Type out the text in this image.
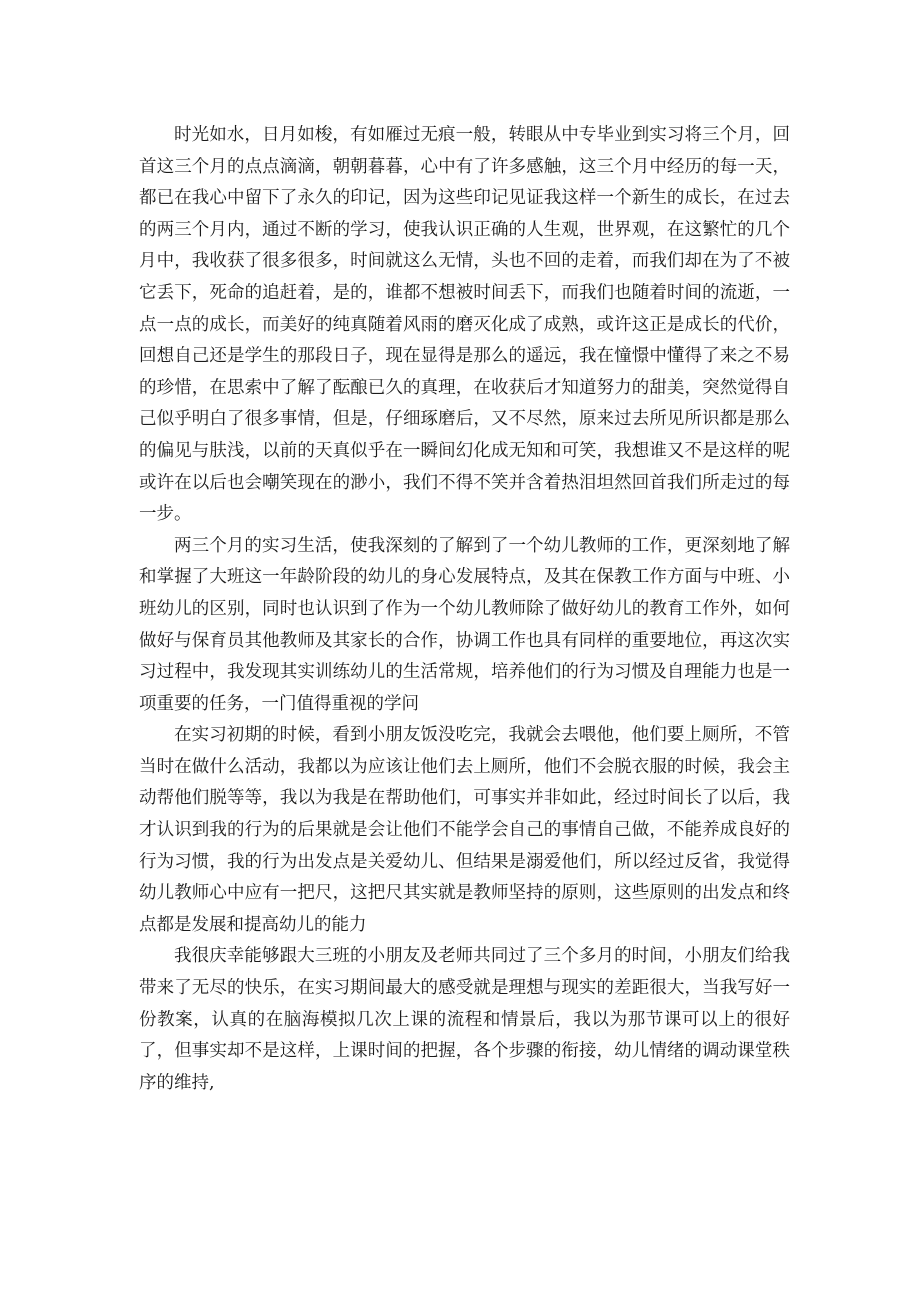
时光如水，日月如梭，有如雁过无痕一般，转眼从中专毕业到实习将三个月，回首这三个月的点点滴滴，朝朝暮暮，心中有了许多感触，这三个月中经历的每一天，都已在我心中留下了永久的印记，因为这些印记见证我这样一个新生的成长，在过去的两三个月内，通过不断的学习，使我认识正确的人生观，世界观，在这繁忙的几个月中，我收获了很多很多，时间就这么无情，头也不回的走着，而我们却在为了不被它丢下，死命的追赶着，是的，谁都不想被时间丢下，而我们也随着时间的流逝，一点一点的成长，而美好的纯真随着风雨的磨灭化成了成熟，或许这正是成长的代价，回想自己还是学生的那段日子，现在显得是那么的遥远，我在憧憬中懂得了来之不易的珍惜，在思索中了解了酝酿已久的真理，在收获后才知道努力的甜美，突然觉得自己似乎明白了很多事情，但是，仔细琢磨后，又不尽然，原来过去所见所识都是那么的偏见与肤浅，以前的天真似乎在一瞬间幻化成无知和可笑，我想谁又不是这样的呢或许在以后也会嘲笑现在的渺小，我们不得不笑并含着热泪坦然回首我们所走过的每一步。

两三个月的实习生活，使我深刻的了解到了一个幼儿教师的工作，更深刻地了解和掌握了大班这一年龄阶段的幼儿的身心发展特点，及其在保教工作方面与中班、小班幼儿的区别，同时也认识到了作为一个幼儿教师除了做好幼儿的教育工作外，如何做好与保育员其他教师及其家长的合作，协调工作也具有同样的重要地位，再这次实习过程中，我发现其实训练幼儿的生活常规，培养他们的行为习惯及自理能力也是一项重要的任务，一门值得重视的学问

在实习初期的时候，看到小朋友饭没吃完，我就会去喂他，他们要上厕所，不管当时在做什么活动，我都以为应该让他们去上厕所，他们不会脱衣服的时候，我会主动帮他们脱等等，我以为我是在帮助他们，可事实并非如此，经过时间长了以后，我才认识到我的行为的后果就是会让他们不能学会自己的事情自己做，不能养成良好的行为习惯，我的行为出发点是关爱幼儿、但结果是溺爱他们，所以经过反省，我觉得幼儿教师心中应有一把尺，这把尺其实就是教师坚持的原则，这些原则的出发点和终点都是发展和提高幼儿的能力

我很庆幸能够跟大三班的小朋友及老师共同过了三个多月的时间，小朋友们给我带来了无尽的快乐，在实习期间最大的感受就是理想与现实的差距很大，当我写好一份教案，认真的在脑海模拟几次上课的流程和情景后，我以为那节课可以上的很好了，但事实却不是这样，上课时间的把握，各个步骤的衔接，幼儿情绪的调动课堂秩序的维持,
